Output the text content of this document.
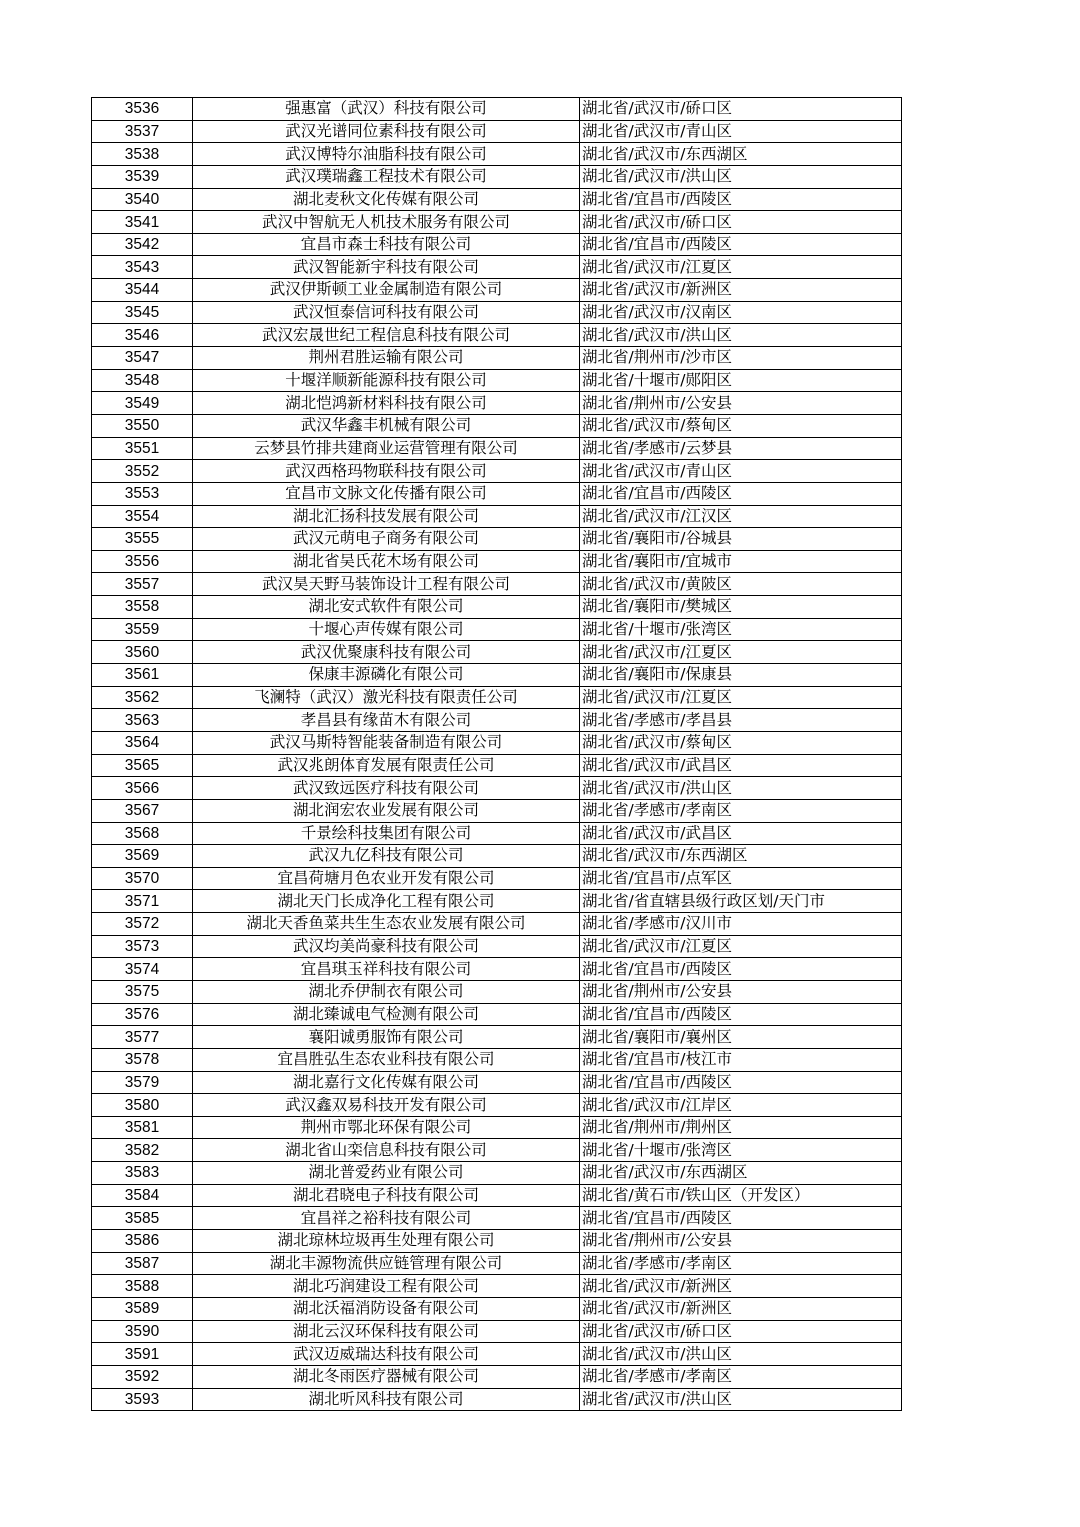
3536	强惠富（武汉）科技有限公司	湖北省/武汉市/硚口区
3537	武汉光谱同位素科技有限公司	湖北省/武汉市/青山区
3538	武汉博特尔油脂科技有限公司	湖北省/武汉市/东西湖区
3539	武汉璞瑞鑫工程技术有限公司	湖北省/武汉市/洪山区
3540	湖北麦秋文化传媒有限公司	湖北省/宜昌市/西陵区
3541	武汉中智航无人机技术服务有限公司	湖北省/武汉市/硚口区
3542	宜昌市森士科技有限公司	湖北省/宜昌市/西陵区
3543	武汉智能新宇科技有限公司	湖北省/武汉市/江夏区
3544	武汉伊斯顿工业金属制造有限公司	湖北省/武汉市/新洲区
3545	武汉恒泰信诃科技有限公司	湖北省/武汉市/汉南区
3546	武汉宏晟世纪工程信息科技有限公司	湖北省/武汉市/洪山区
3547	荆州君胜运输有限公司	湖北省/荆州市/沙市区
3548	十堰洋顺新能源科技有限公司	湖北省/十堰市/郧阳区
3549	湖北恺鸿新材料科技有限公司	湖北省/荆州市/公安县
3550	武汉华鑫丰机械有限公司	湖北省/武汉市/蔡甸区
3551	云梦县竹排共建商业运营管理有限公司	湖北省/孝感市/云梦县
3552	武汉西格玛物联科技有限公司	湖北省/武汉市/青山区
3553	宜昌市文脉文化传播有限公司	湖北省/宜昌市/西陵区
3554	湖北汇扬科技发展有限公司	湖北省/武汉市/江汉区
3555	武汉元萌电子商务有限公司	湖北省/襄阳市/谷城县
3556	湖北省吴氏花木场有限公司	湖北省/襄阳市/宜城市
3557	武汉昊天野马装饰设计工程有限公司	湖北省/武汉市/黄陂区
3558	湖北安式软件有限公司	湖北省/襄阳市/樊城区
3559	十堰心声传媒有限公司	湖北省/十堰市/张湾区
3560	武汉优聚康科技有限公司	湖北省/武汉市/江夏区
3561	保康丰源磷化有限公司	湖北省/襄阳市/保康县
3562	飞澜特（武汉）激光科技有限责任公司	湖北省/武汉市/江夏区
3563	孝昌县有缘苗木有限公司	湖北省/孝感市/孝昌县
3564	武汉马斯特智能装备制造有限公司	湖北省/武汉市/蔡甸区
3565	武汉兆朗体育发展有限责任公司	湖北省/武汉市/武昌区
3566	武汉致远医疗科技有限公司	湖北省/武汉市/洪山区
3567	湖北润宏农业发展有限公司	湖北省/孝感市/孝南区
3568	千景绘科技集团有限公司	湖北省/武汉市/武昌区
3569	武汉九亿科技有限公司	湖北省/武汉市/东西湖区
3570	宜昌荷塘月色农业开发有限公司	湖北省/宜昌市/点军区
3571	湖北天门长成净化工程有限公司	湖北省/省直辖县级行政区划/天门市
3572	湖北天香鱼菜共生生态农业发展有限公司	湖北省/孝感市/汉川市
3573	武汉均美尚豪科技有限公司	湖北省/武汉市/江夏区
3574	宜昌琪玉祥科技有限公司	湖北省/宜昌市/西陵区
3575	湖北乔伊制衣有限公司	湖北省/荆州市/公安县
3576	湖北臻诚电气检测有限公司	湖北省/宜昌市/西陵区
3577	襄阳诚勇服饰有限公司	湖北省/襄阳市/襄州区
3578	宜昌胜弘生态农业科技有限公司	湖北省/宜昌市/枝江市
3579	湖北嘉行文化传媒有限公司	湖北省/宜昌市/西陵区
3580	武汉鑫双易科技开发有限公司	湖北省/武汉市/江岸区
3581	荆州市鄂北环保有限公司	湖北省/荆州市/荆州区
3582	湖北省山栾信息科技有限公司	湖北省/十堰市/张湾区
3583	湖北普爱药业有限公司	湖北省/武汉市/东西湖区
3584	湖北君晓电子科技有限公司	湖北省/黄石市/铁山区（开发区）
3585	宜昌祥之裕科技有限公司	湖北省/宜昌市/西陵区
3586	湖北琼林垃圾再生处理有限公司	湖北省/荆州市/公安县
3587	湖北丰源物流供应链管理有限公司	湖北省/孝感市/孝南区
3588	湖北巧润建设工程有限公司	湖北省/武汉市/新洲区
3589	湖北沃福消防设备有限公司	湖北省/武汉市/新洲区
3590	湖北云汉环保科技有限公司	湖北省/武汉市/硚口区
3591	武汉迈威瑞达科技有限公司	湖北省/武汉市/洪山区
3592	湖北冬雨医疗器械有限公司	湖北省/孝感市/孝南区
3593	湖北听风科技有限公司	湖北省/武汉市/洪山区
